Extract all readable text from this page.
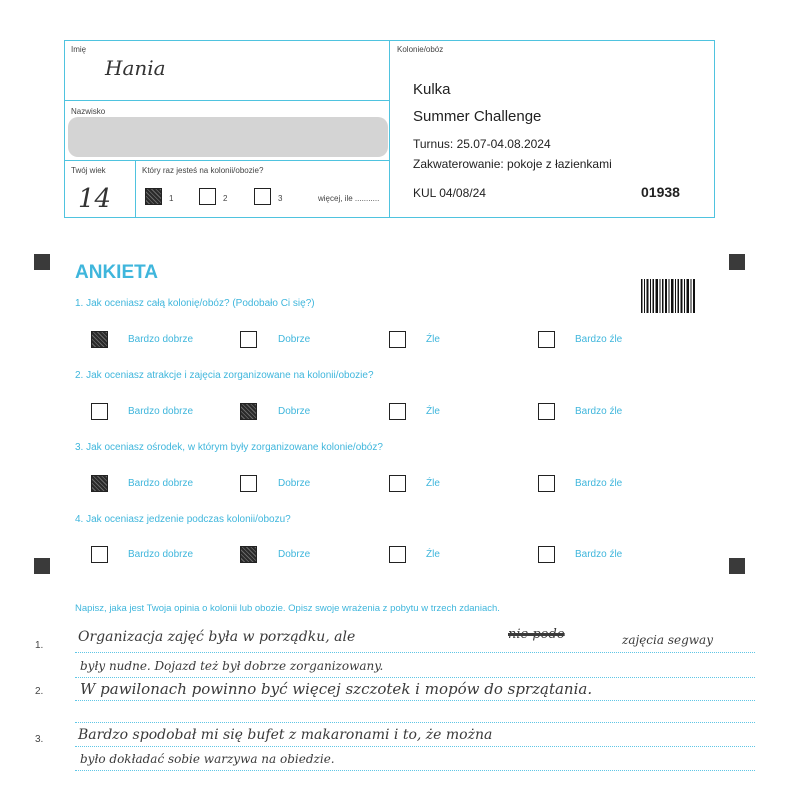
Imię
Hania
Nazwisko
Twój wiek
14
Który raz jesteś na kolonii/obozie?
1	2	3	więcej, ile ...........
Kolonie/obóz
Kulka
Summer Challenge
Turnus: 25.07-04.08.2024
Zakwaterowanie: pokoje z łazienkami
KUL 04/08/24	01938
ANKIETA
1. Jak oceniasz całą kolonię/obóz? (Podobało Ci się?)
Bardzo dobrze	Dobrze	Źle	Bardzo źle
2. Jak oceniasz atrakcje i zajęcia zorganizowane na kolonii/obozie?
Bardzo dobrze	Dobrze	Źle	Bardzo źle
3. Jak oceniasz ośrodek, w którym były zorganizowane kolonie/obóz?
Bardzo dobrze	Dobrze	Źle	Bardzo źle
4. Jak oceniasz jedzenie podczas kolonii/obozu?
Bardzo dobrze	Dobrze	Źle	Bardzo źle
Napisz, jaka jest Twoja opinia o kolonii lub obozie. Opisz swoje wrażenia z pobytu w trzech zdaniach.
1.
2.
3.
Organizacja zajęć była w porządku, ale	nie podo	zajęcia segway
były nudne. Dojazd też był dobrze zorganizowany.
W pawilonach powinno być więcej szczotek i mopów do sprzątania.
Bardzo spodobał mi się bufet z makaronami i to, że można
było dokładać sobie warzywa na obiedzie.
